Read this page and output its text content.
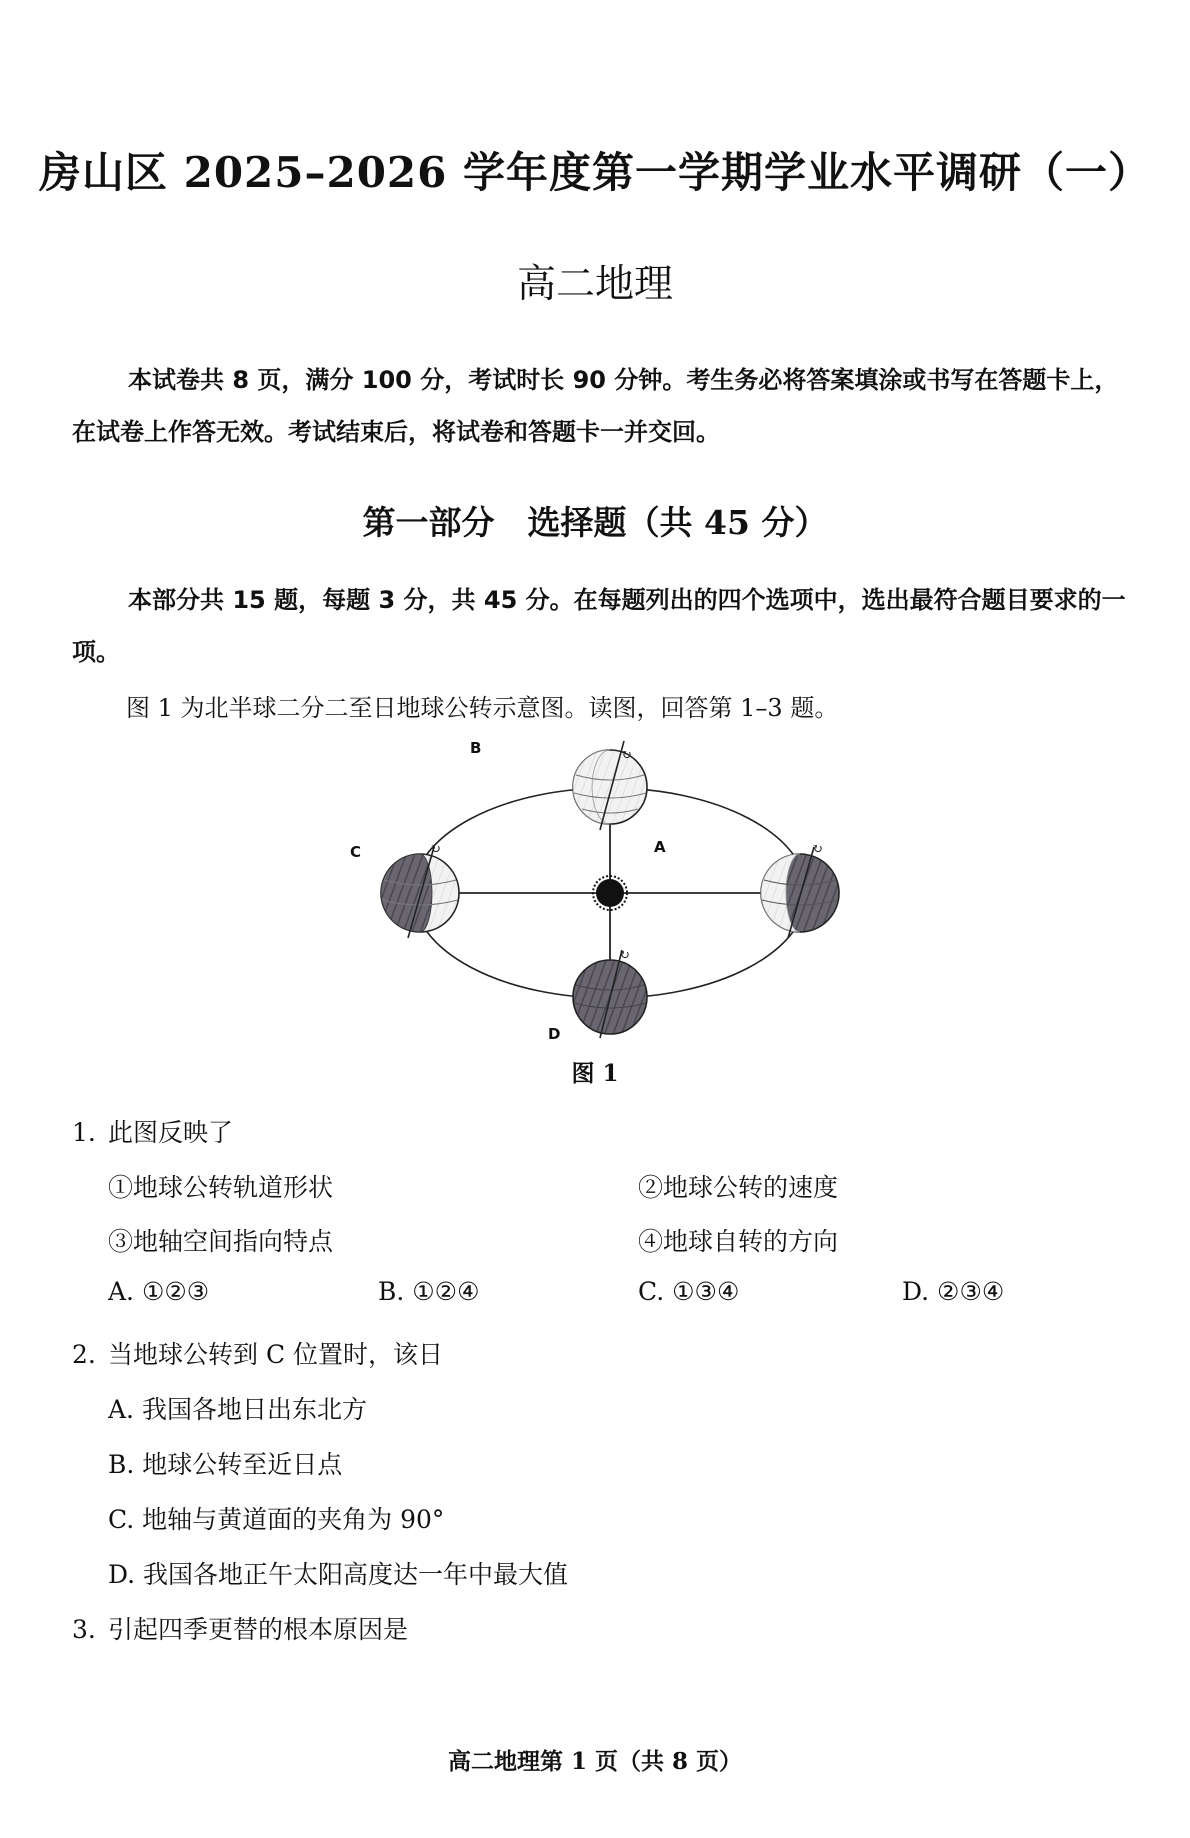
房山区 2025–2026 学年度第一学期学业水平调研（一）
高二地理
本试卷共 8 页，满分 100 分，考试时长 90 分钟。考生务必将答案填涂或书写在答题卡上，在试卷上作答无效。考试结束后，将试卷和答题卡一并交回。
第一部分　选择题（共 45 分）
本部分共 15 题，每题 3 分，共 45 分。在每题列出的四个选项中，选出最符合题目要求的一项。
图 1 为北半球二分二至日地球公转示意图。读图，回答第 1–3 题。
↻
↻	↻
↻
B
C	A
D
图 1
1. 此图反映了
①地球公转轨道形状	②地球公转的速度
③地轴空间指向特点	④地球自转的方向
A. ①②③	B. ①②④	C. ①③④	D. ②③④
2. 当地球公转到 C 位置时，该日
A. 我国各地日出东北方
B. 地球公转至近日点
C. 地轴与黄道面的夹角为 90°
D. 我国各地正午太阳高度达一年中最大值
3. 引起四季更替的根本原因是
高二地理第 1 页（共 8 页）
